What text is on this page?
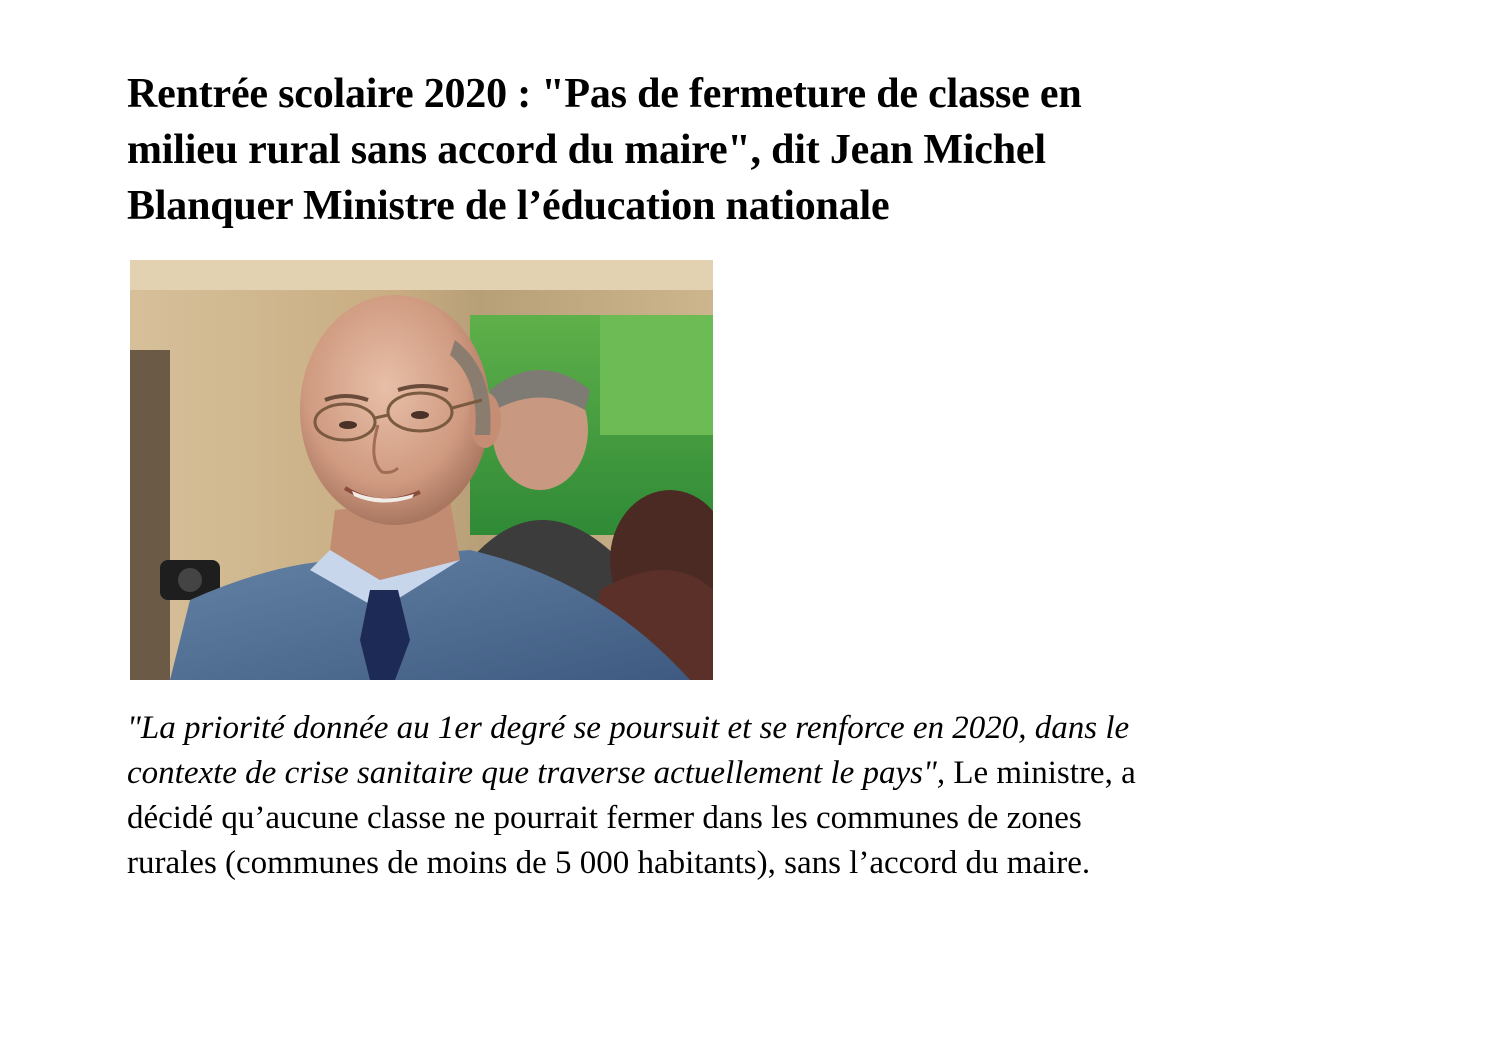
Rentrée scolaire 2020 : "Pas de fermeture de classe en
milieu rural sans accord du maire", dit Jean Michel
Blanquer Ministre de l’éducation nationale

"La priorité donnée au 1er degré se poursuit et se renforce en 2020, dans le
contexte de crise sanitaire que traverse actuellement le pays", Le ministre, a
décidé qu’aucune classe ne pourrait fermer dans les communes de zones
rurales (communes de moins de 5 000 habitants), sans l’accord du maire.
